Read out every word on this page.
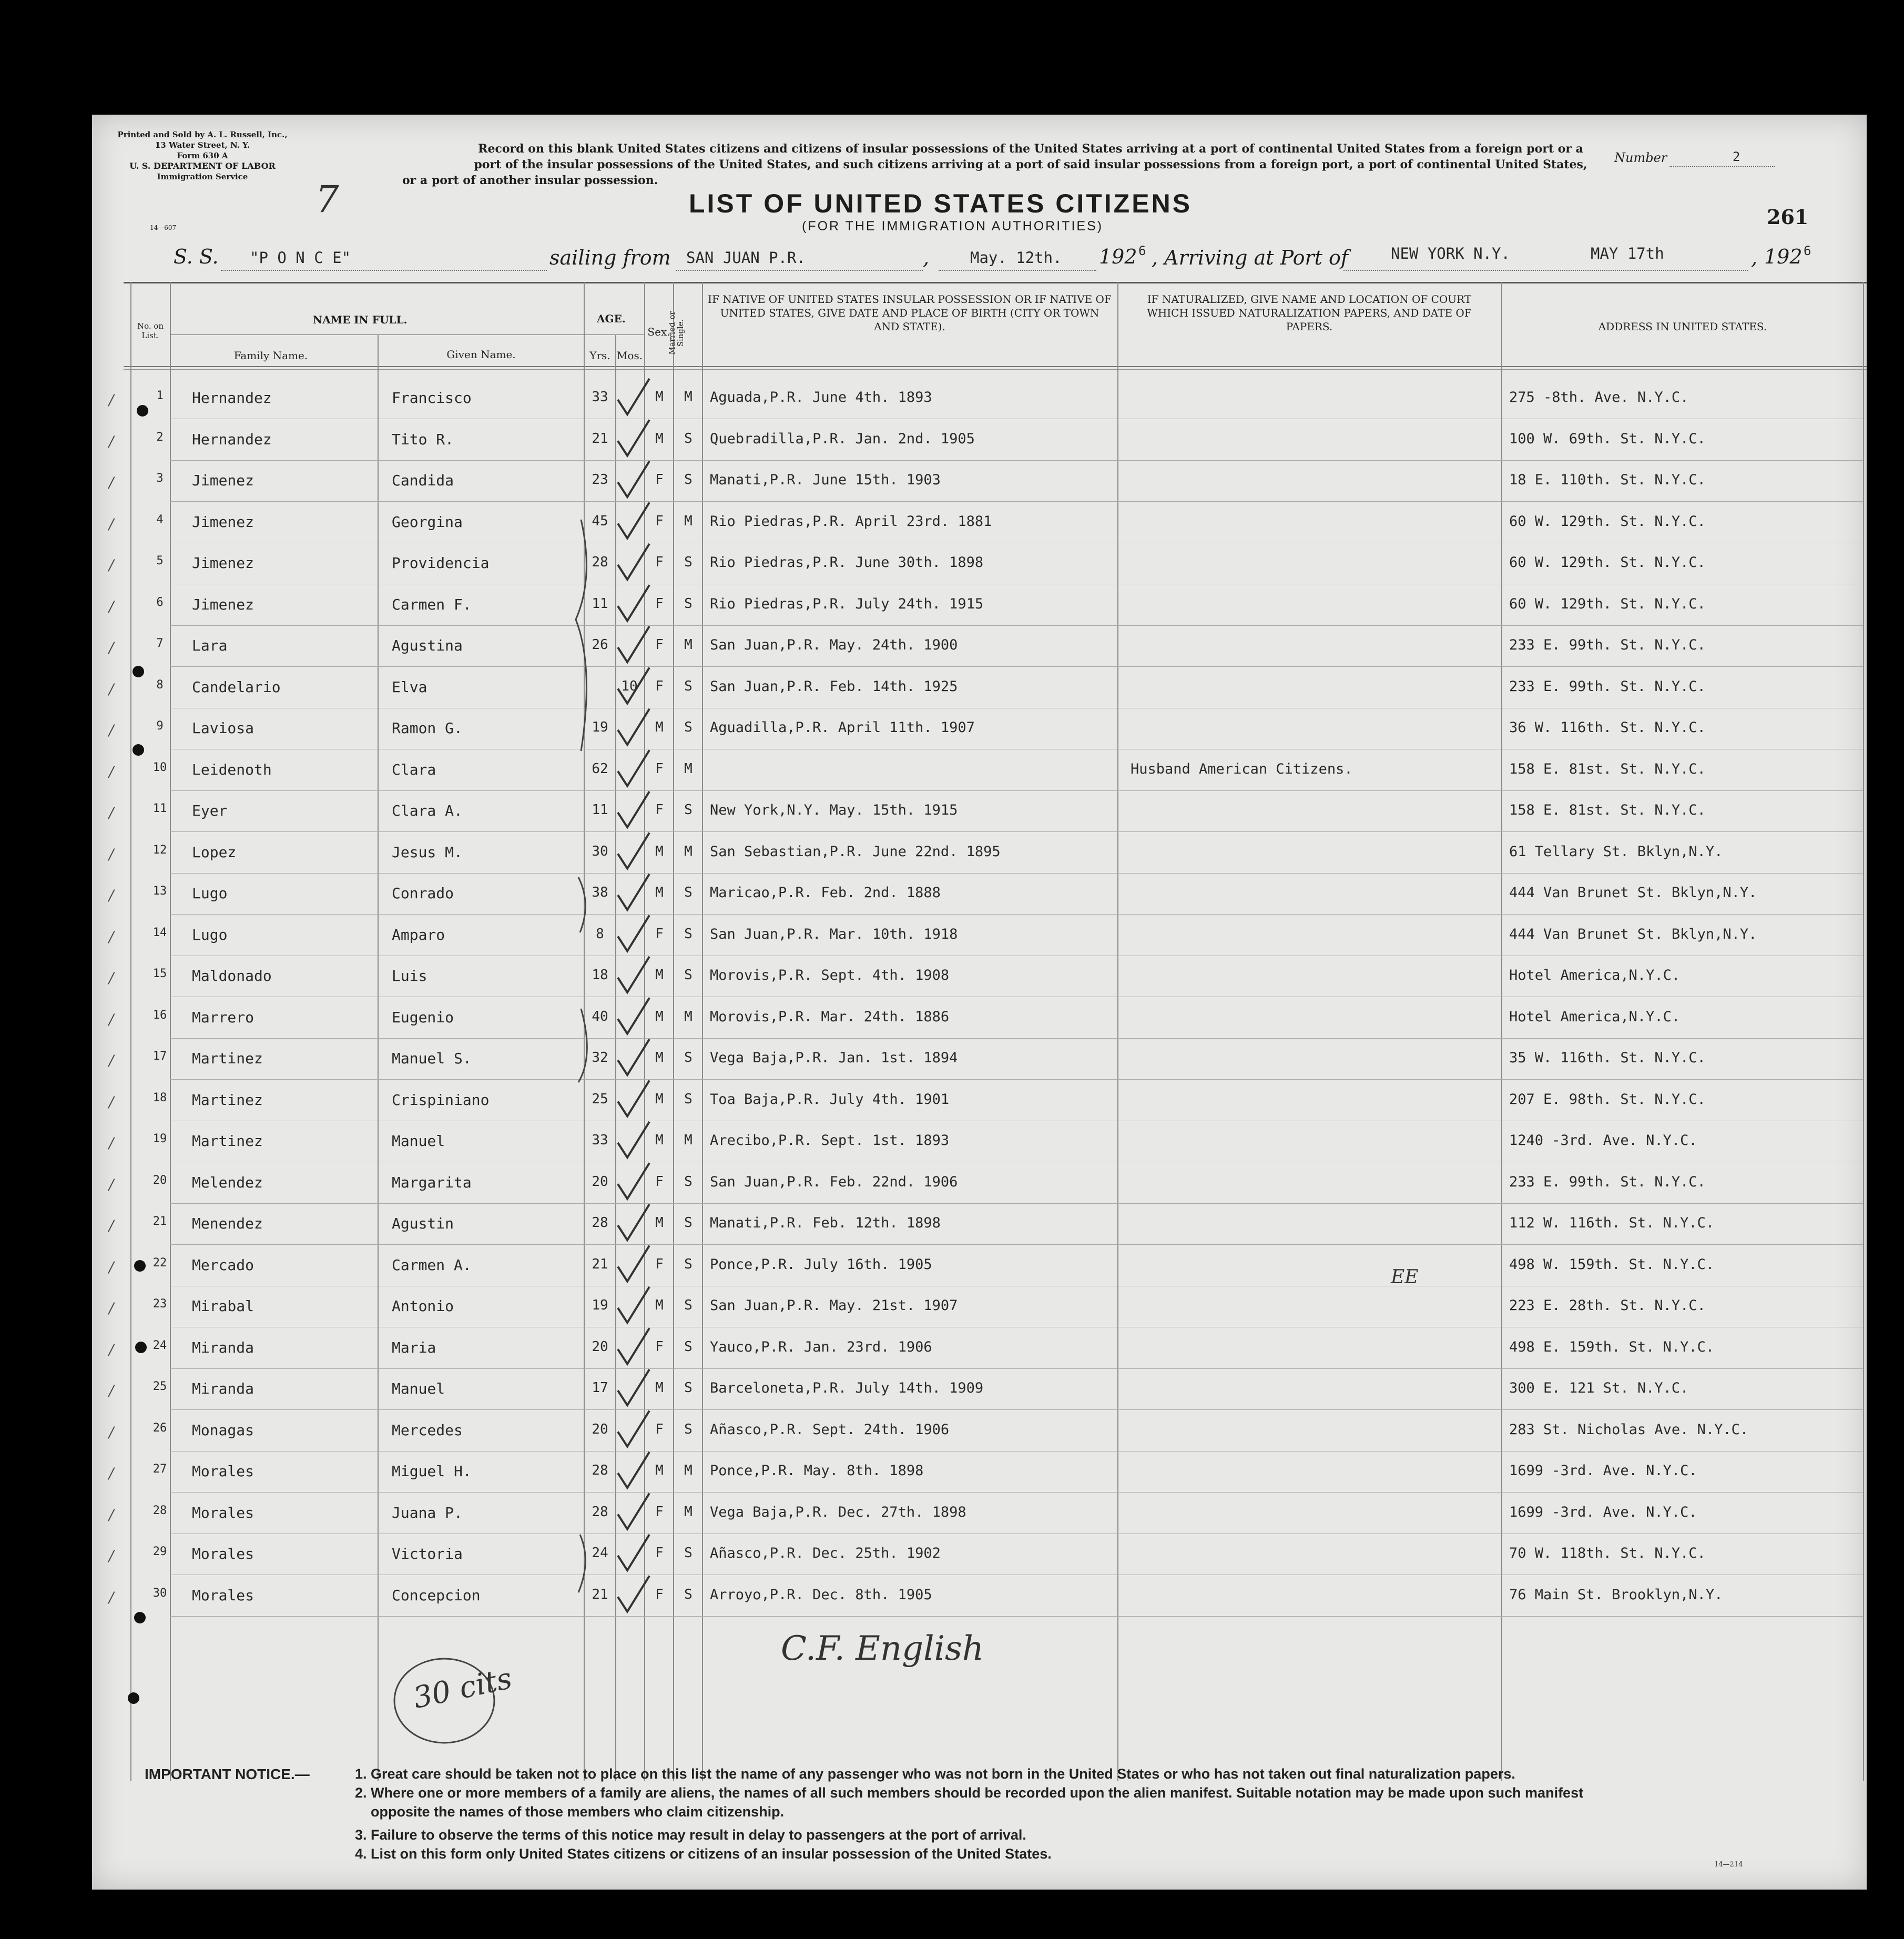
Printed and Sold by A. L. Russell, Inc.,
13 Water Street, N. Y.
Form 630 A
U. S. DEPARTMENT OF LABOR
Immigration Service
14—607
7
Record on this blank United States citizens and citizens of insular possessions of the United States arriving at a port of continental United States from a foreign port or a
port of the insular possessions of the United States, and such citizens arriving at a port of said insular possessions from a foreign port, a port of continental United States,
or a port of another insular possession.
Number	2
261
LIST OF UNITED STATES CITIZENS
(FOR THE IMMIGRATION AUTHORITIES)
S. S. "P O N C E"	sailing from SAN JUAN P.R.	,	May. 12th. 192 6 , Arriving at Port of	NEW YORK N.Y.	MAY 17th	, 192 6
No. on List.
NAME IN FULL.
Family Name.	Given Name.
AGE.
Yrs. Mos.
Sex.
Married or Single.
IF NATIVE OF UNITED STATES INSULAR POSSESSION OR IF NATIVE OF UNITED STATES, GIVE DATE AND PLACE OF BIRTH (CITY OR TOWN AND STATE).
IF NATURALIZED, GIVE NAME AND LOCATION OF COURT WHICH ISSUED NATURALIZATION PAPERS, AND DATE OF PAPERS.	ADDRESS IN UNITED STATES.
/	1	Hernandez	Francisco	33	M	M	Aguada,P.R. June 4th. 1893	275 -8th. Ave. N.Y.C.
/	2	Hernandez	Tito R.	21	M	S	Quebradilla,P.R. Jan. 2nd. 1905	100 W. 69th. St. N.Y.C.
/	3	Jimenez	Candida	23	F	S	Manati,P.R. June 15th. 1903	18 E. 110th. St. N.Y.C.
/	4	Jimenez	Georgina	45	F	M	Rio Piedras,P.R. April 23rd. 1881	60 W. 129th. St. N.Y.C.
/	5	Jimenez	Providencia	28	F	S	Rio Piedras,P.R. June 30th. 1898	60 W. 129th. St. N.Y.C.
/	6	Jimenez	Carmen F.	11	F	S	Rio Piedras,P.R. July 24th. 1915	60 W. 129th. St. N.Y.C.
/	7	Lara	Agustina	26	F	M	San Juan,P.R. May. 24th. 1900	233 E. 99th. St. N.Y.C.
/	8	Candelario	Elva	10	F	S	San Juan,P.R. Feb. 14th. 1925	233 E. 99th. St. N.Y.C.
/	9	Laviosa	Ramon G.	19	M	S	Aguadilla,P.R. April 11th. 1907	36 W. 116th. St. N.Y.C.
/	10 Leidenoth	Clara	62	F	M	Husband American Citizens.	158 E. 81st. St. N.Y.C.
/	11 Eyer	Clara A.	11	F	S	New York,N.Y. May. 15th. 1915	158 E. 81st. St. N.Y.C.
/	12 Lopez	Jesus M.	30	M	M	San Sebastian,P.R. June 22nd. 1895	61 Tellary St. Bklyn,N.Y.
/	13 Lugo	Conrado	38	M	S	Maricao,P.R. Feb. 2nd. 1888	444 Van Brunet St. Bklyn,N.Y.
/	14 Lugo	Amparo	8	F	S	San Juan,P.R. Mar. 10th. 1918	444 Van Brunet St. Bklyn,N.Y.
/	15 Maldonado	Luis	18	M	S	Morovis,P.R. Sept. 4th. 1908	Hotel America,N.Y.C.
/	16 Marrero	Eugenio	40	M	M	Morovis,P.R. Mar. 24th. 1886	Hotel America,N.Y.C.
/	17 Martinez	Manuel S.	32	M	S	Vega Baja,P.R. Jan. 1st. 1894	35 W. 116th. St. N.Y.C.
/	18 Martinez	Crispiniano	25	M	S	Toa Baja,P.R. July 4th. 1901	207 E. 98th. St. N.Y.C.
/	19 Martinez	Manuel	33	M	M	Arecibo,P.R. Sept. 1st. 1893	1240 -3rd. Ave. N.Y.C.
/	20 Melendez	Margarita	20	F	S	San Juan,P.R. Feb. 22nd. 1906	233 E. 99th. St. N.Y.C.
/	21 Menendez	Agustin	28	M	S	Manati,P.R. Feb. 12th. 1898	112 W. 116th. St. N.Y.C.
/	22 Mercado	Carmen A.	21	F	S	Ponce,P.R. July 16th. 1905	498 W. 159th. St. N.Y.C.
/	23 Mirabal	Antonio	19	M	S	San Juan,P.R. May. 21st. 1907	223 E. 28th. St. N.Y.C.
/	24 Miranda	Maria	20	F	S	Yauco,P.R. Jan. 23rd. 1906	498 E. 159th. St. N.Y.C.
/	25 Miranda	Manuel	17	M	S	Barceloneta,P.R. July 14th. 1909	300 E. 121 St. N.Y.C.
/	26 Monagas	Mercedes	20	F	S	Añasco,P.R. Sept. 24th. 1906	283 St. Nicholas Ave. N.Y.C.
/	27 Morales	Miguel H.	28	M	M	Ponce,P.R. May. 8th. 1898	1699 -3rd. Ave. N.Y.C.
/	28 Morales	Juana P.	28	F	M	Vega Baja,P.R. Dec. 27th. 1898	1699 -3rd. Ave. N.Y.C.
/	29 Morales	Victoria	24	F	S	Añasco,P.R. Dec. 25th. 1902	70 W. 118th. St. N.Y.C.
/	30 Morales	Concepcion	21	F	S	Arroyo,P.R. Dec. 8th. 1905	76 Main St. Brooklyn,N.Y.
30 cits
C.F. English
EE
IMPORTANT NOTICE.—	1. Great care should be taken not to place on this list the name of any passenger who was not born in the United States or who has not taken out final naturalization papers.
2. Where one or more members of a family are aliens, the names of all such members should be recorded upon the alien manifest. Suitable notation may be made upon such manifest
opposite the names of those members who claim citizenship.
3. Failure to observe the terms of this notice may result in delay to passengers at the port of arrival.
4. List on this form only United States citizens or citizens of an insular possession of the United States.
14—214
